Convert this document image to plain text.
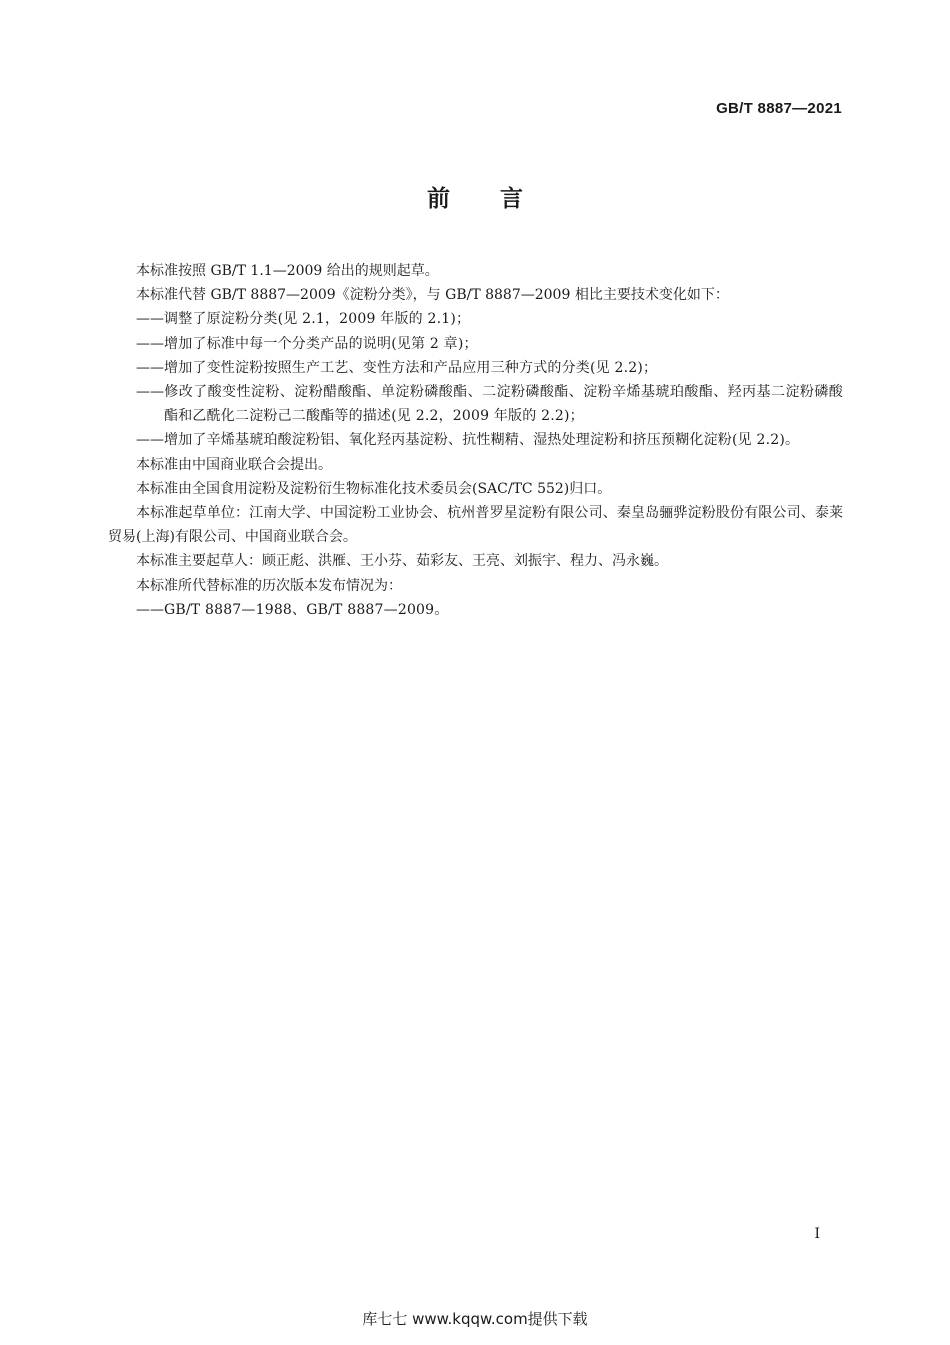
GB/T 8887—2021
前言

本标准按照 GB/T 1.1—2009 给出的规则起草。

本标准代替 GB/T 8887—2009《淀粉分类》，与 GB/T 8887—2009 相比主要技术变化如下：

——调整了原淀粉分类(见 2.1，2009 年版的 2.1)；

——增加了标准中每一个分类产品的说明(见第 2 章)；

——增加了变性淀粉按照生产工艺、变性方法和产品应用三种方式的分类(见 2.2)；

——修改了酸变性淀粉、淀粉醋酸酯、单淀粉磷酸酯、二淀粉磷酸酯、淀粉辛烯基琥珀酸酯、羟丙基二淀粉磷酸酯和乙酰化二淀粉己二酸酯等的描述(见 2.2，2009 年版的 2.2)；

——增加了辛烯基琥珀酸淀粉铝、氧化羟丙基淀粉、抗性糊精、湿热处理淀粉和挤压预糊化淀粉(见 2.2)。

本标准由中国商业联合会提出。

本标准由全国食用淀粉及淀粉衍生物标准化技术委员会(SAC/TC 552)归口。

本标准起草单位：江南大学、中国淀粉工业协会、杭州普罗星淀粉有限公司、秦皇岛骊骅淀粉股份有限公司、泰莱贸易(上海)有限公司、中国商业联合会。

本标准主要起草人：顾正彪、洪雁、王小芬、茹彩友、王亮、刘振宇、程力、冯永巍。

本标准所代替标准的历次版本发布情况为：

——GB/T 8887—1988、GB/T 8887—2009。

I
库七七 www.kqqw.com提供下载
